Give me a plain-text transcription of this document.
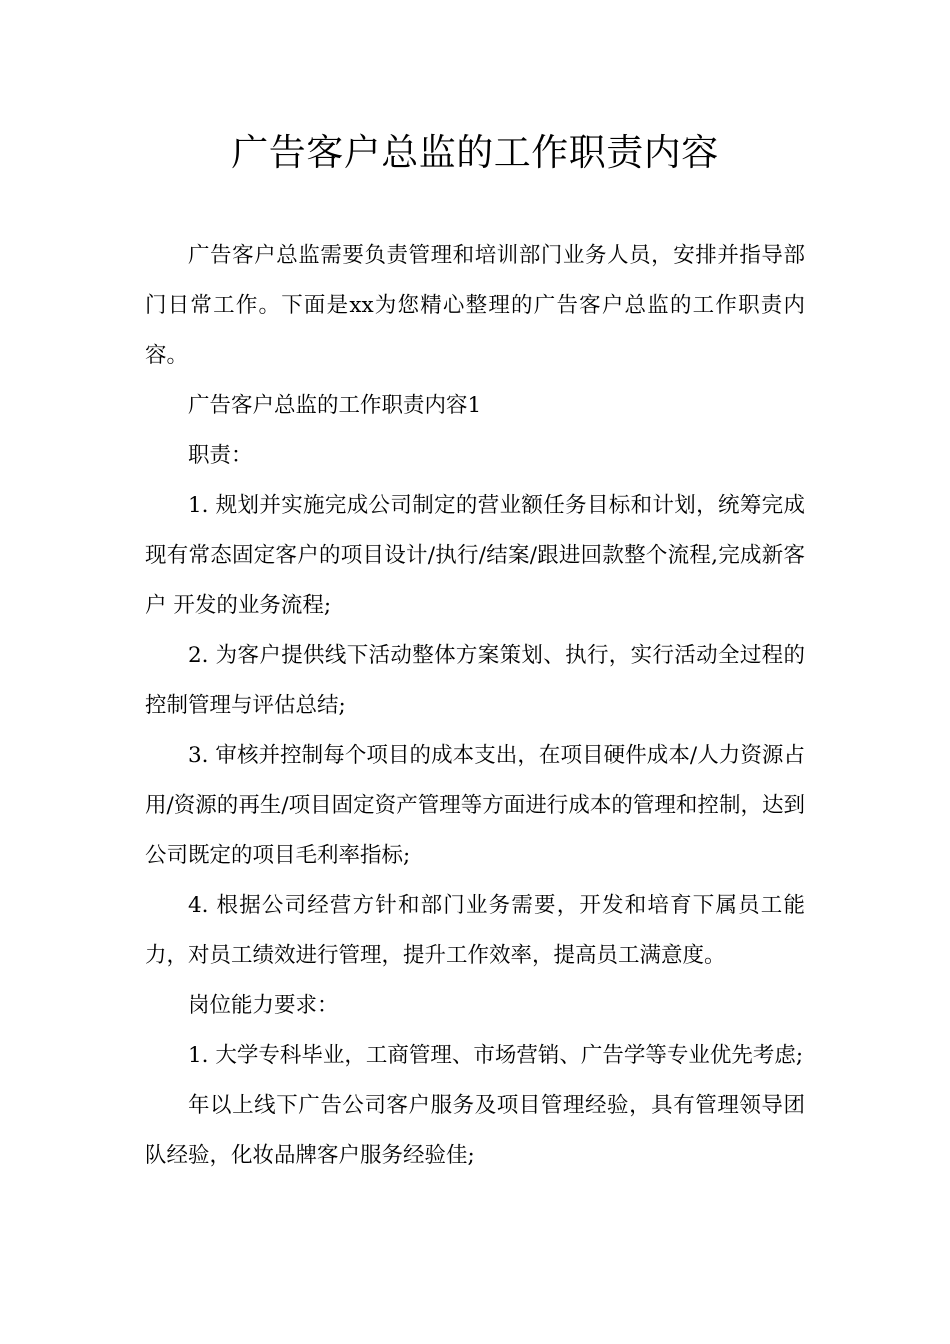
广告客户总监的工作职责内容

广告客户总监需要负责管理和培训部门业务人员，安排并指导部门日常工作。下面是xx为您精心整理的广告客户总监的工作职责内容。

广告客户总监的工作职责内容1

职责：

1. 规划并实施完成公司制定的营业额任务目标和计划，统筹完成现有常态固定客户的项目设计/执行/结案/跟进回款整个流程,完成新客户 开发的业务流程;

2. 为客户提供线下活动整体方案策划、执行，实行活动全过程的控制管理与评估总结;

3. 审核并控制每个项目的成本支出，在项目硬件成本/人力资源占用/资源的再生/项目固定资产管理等方面进行成本的管理和控制，达到公司既定的项目毛利率指标;

4. 根据公司经营方针和部门业务需要，开发和培育下属员工能力，对员工绩效进行管理，提升工作效率，提高员工满意度。

岗位能力要求：

1. 大学专科毕业，工商管理、市场营销、广告学等专业优先考虑;

年以上线下广告公司客户服务及项目管理经验，具有管理领导团队经验，化妆品牌客户服务经验佳;
